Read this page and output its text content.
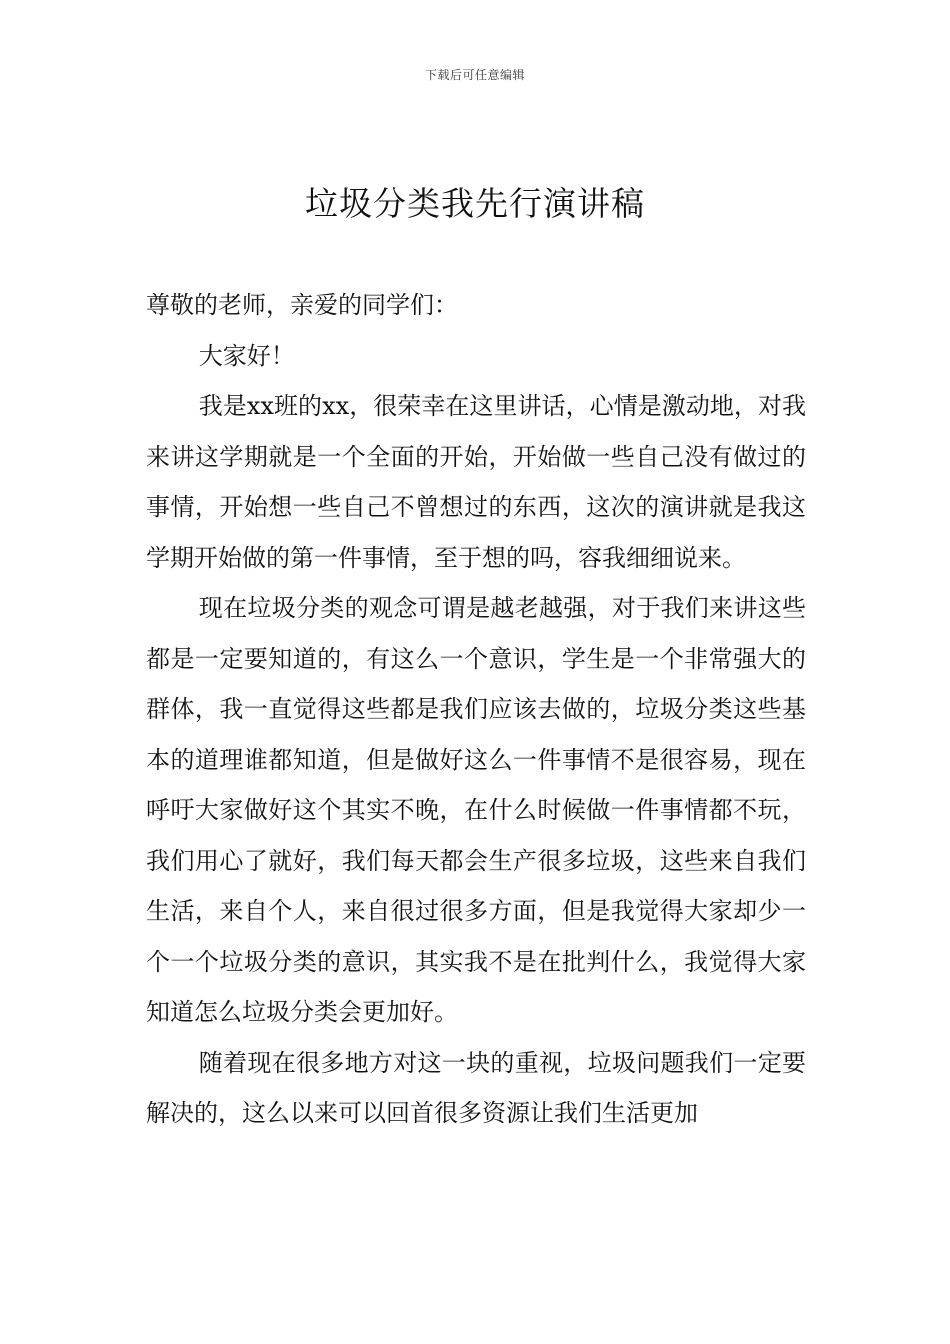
下载后可任意编辑
垃圾分类我先行演讲稿

尊敬的老师，亲爱的同学们：

大家好！

我是xx班的xx，很荣幸在这里讲话，心情是激动地，对我来讲这学期就是一个全面的开始，开始做一些自己没有做过的事情，开始想一些自己不曾想过的东西，这次的演讲就是我这学期开始做的第一件事情，至于想的吗，容我细细说来。

现在垃圾分类的观念可谓是越老越强，对于我们来讲这些都是一定要知道的，有这么一个意识，学生是一个非常强大的群体，我一直觉得这些都是我们应该去做的，垃圾分类这些基本的道理谁都知道，但是做好这么一件事情不是很容易，现在呼吁大家做好这个其实不晚，在什么时候做一件事情都不玩，我们用心了就好，我们每天都会生产很多垃圾，这些来自我们生活，来自个人，来自很过很多方面，但是我觉得大家却少一个一个垃圾分类的意识，其实我不是在批判什么，我觉得大家知道怎么垃圾分类会更加好。

随着现在很多地方对这一块的重视，垃圾问题我们一定要解决的，这么以来可以回首很多资源让我们生活更加
